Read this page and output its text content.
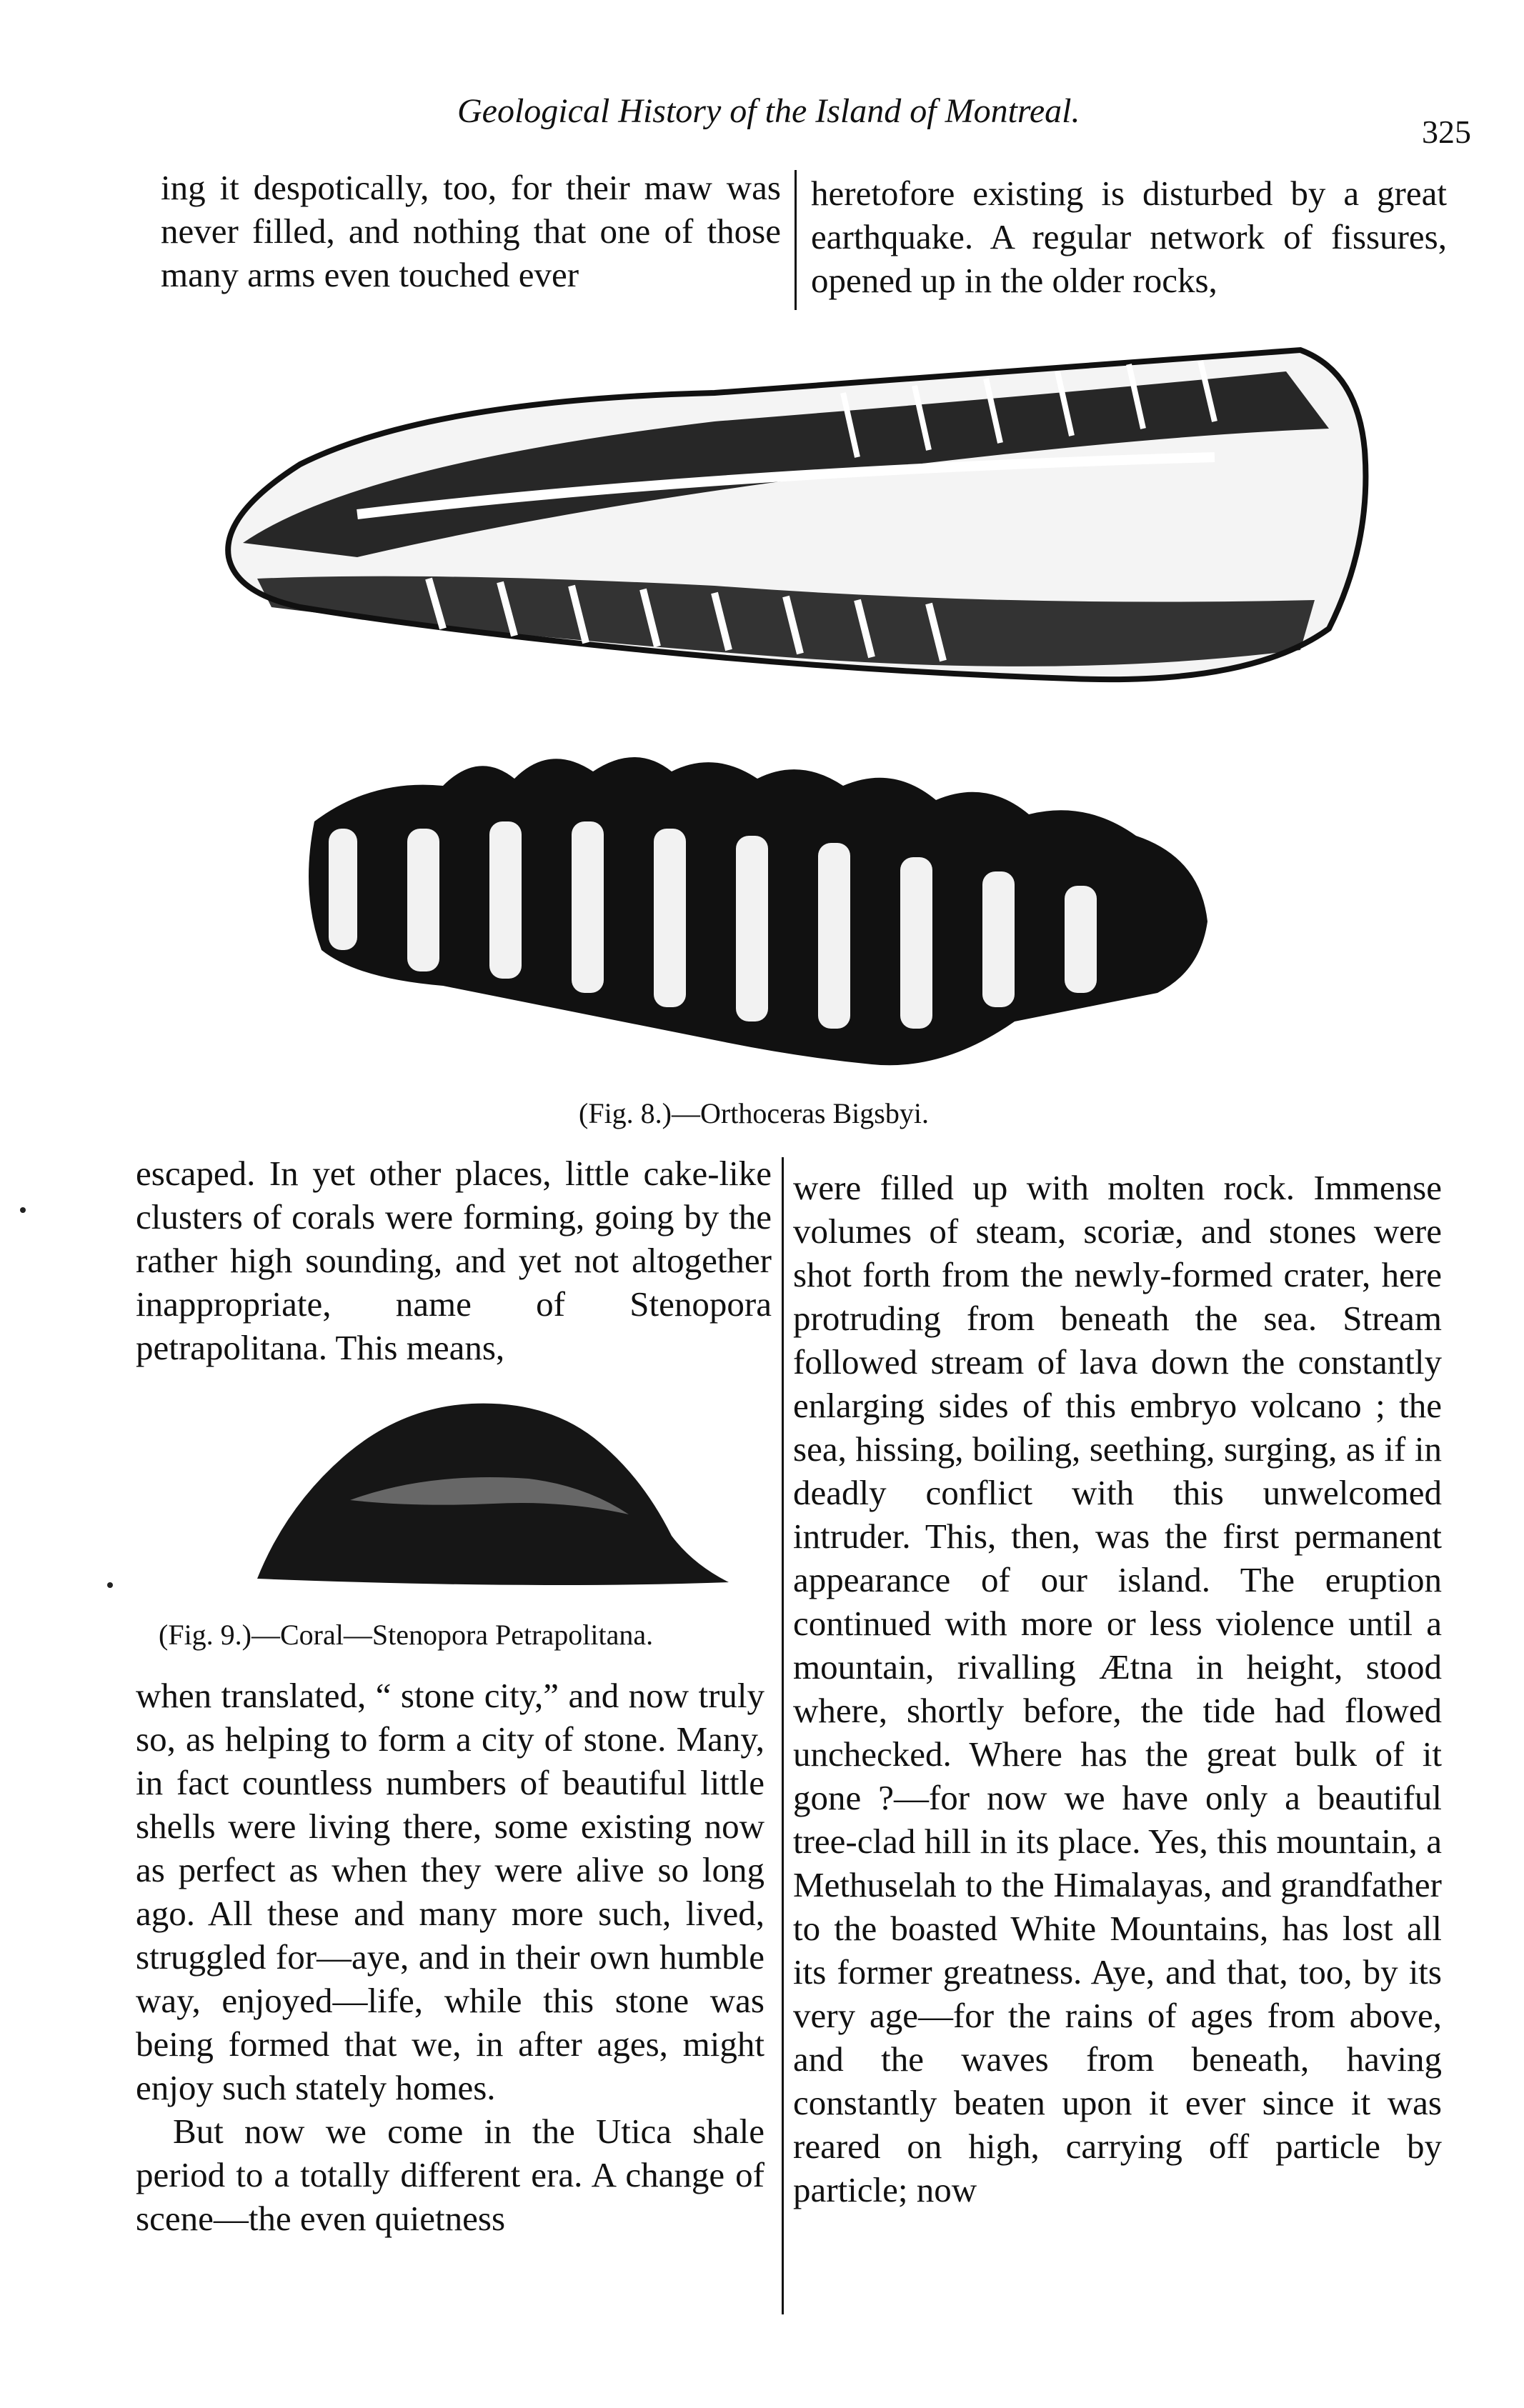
Geological History of the Island of Montreal.
325

ing it despotically, too, for their maw was never filled, and nothing that one of those many arms even touched ever

heretofore existing is disturbed by a great earthquake. A regular network of fissures, opened up in the older rocks,

(Fig. 8.)—Orthoceras Bigsbyi.

escaped. In yet other places, little cake-like clusters of corals were forming, going by the rather high sounding, and yet not altogether inappropriate, name of Stenopora petrapolitana. This means,

(Fig. 9.)—Coral—Stenopora Petrapolitana.

when translated, “ stone city,” and now truly so, as helping to form a city of stone. Many, in fact countless numbers of beautiful little shells were living there, some existing now as perfect as when they were alive so long ago. All these and many more such, lived, struggled for—aye, and in their own humble way, enjoyed—life, while this stone was being formed that we, in after ages, might enjoy such stately homes.

But now we come in the Utica shale period to a totally different era. A change of scene—the even quietness

were filled up with molten rock. Immense volumes of steam, scoriæ, and stones were shot forth from the newly-formed crater, here protruding from beneath the sea. Stream followed stream of lava down the constantly enlarging sides of this embryo volcano ; the sea, hissing, boiling, seething, surging, as if in deadly conflict with this unwelcomed intruder. This, then, was the first permanent appearance of our island. The eruption continued with more or less violence until a mountain, rivalling Ætna in height, stood where, shortly before, the tide had flowed unchecked. Where has the great bulk of it gone ?—for now we have only a beautiful tree-clad hill in its place. Yes, this mountain, a Methuselah to the Himalayas, and grandfather to the boasted White Mountains, has lost all its former greatness. Aye, and that, too, by its very age—for the rains of ages from above, and the waves from beneath, having constantly beaten upon it ever since it was reared on high, carrying off particle by particle; now
